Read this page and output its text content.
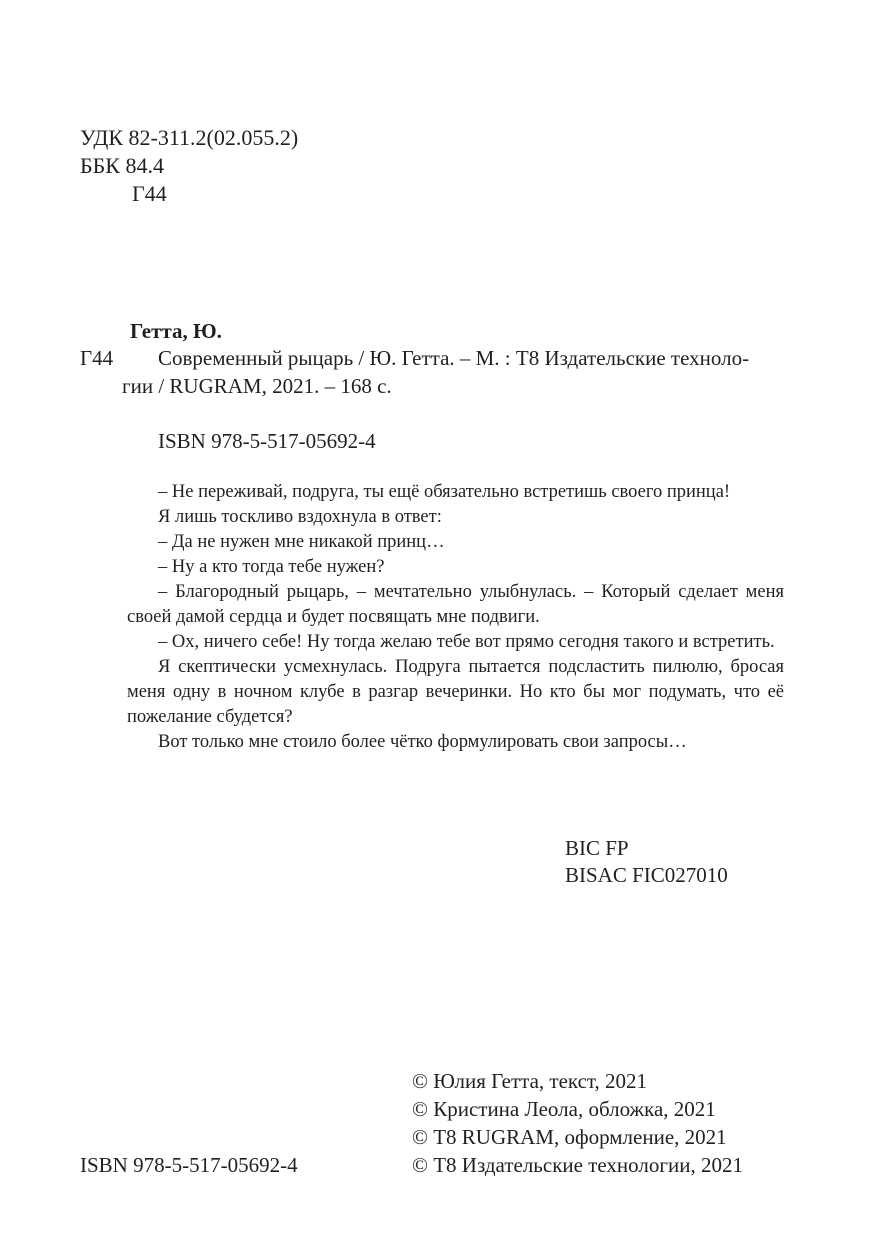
УДК 82-311.2(02.055.2)
ББК 84.4
Г44
Гетта, Ю.
Г44 Современный рыцарь / Ю. Гетта. – М. : Т8 Издательские техноло-
гии / RUGRAM, 2021. – 168 с.
ISBN 978-5-517-05692-4

– Не переживай, подруга, ты ещё обязательно встретишь своего принца!

Я лишь тоскливо вздохнула в ответ:

– Да не нужен мне никакой принц…

– Ну а кто тогда тебе нужен?

– Благородный рыцарь, – мечтательно улыбнулась. – Который сделает меня своей дамой сердца и будет посвящать мне подвиги.

– Ох, ничего себе! Ну тогда желаю тебе вот прямо сегодня такого и встретить.

Я скептически усмехнулась. Подруга пытается подсластить пилюлю, бросая меня одну в ночном клубе в разгар вечеринки. Но кто бы мог подумать, что её пожелание сбудется?

Вот только мне стоило более чётко формулировать свои запросы…

BIC FP
BISAC FIC027010
© Юлия Гетта, текст, 2021
© Кристина Леола, обложка, 2021
© Т8 RUGRAM, оформление, 2021
© Т8 Издательские технологии, 2021
ISBN 978-5-517-05692-4
